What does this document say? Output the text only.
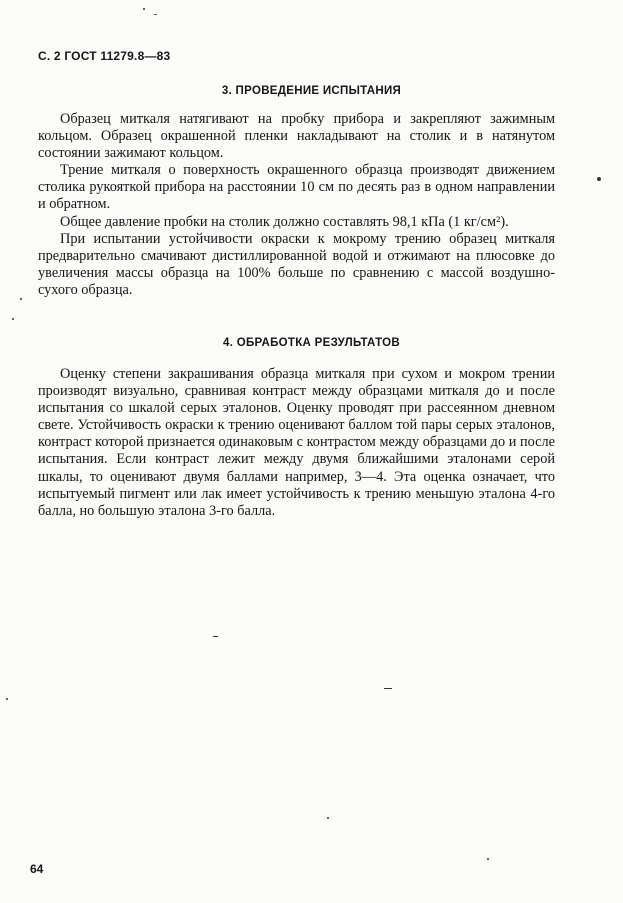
С. 2 ГОСТ 11279.8—83
3. ПРОВЕДЕНИЕ ИСПЫТАНИЯ

Образец миткаля натягивают на пробку прибора и закрепляют зажимным кольцом. Образец окрашенной пленки накладывают на столик и в натянутом состоянии зажимают кольцом.

Трение миткаля о поверхность окрашенного образца производят движением столика рукояткой прибора на расстоянии 10 см по десять раз в одном направлении и обратном.

Общее давление пробки на столик должно составлять 98,1 кПа (1 кг/см²).

При испытании устойчивости окраски к мокрому трению образец миткаля предварительно смачивают дистиллированной водой и отжимают на плюсовке до увеличения массы образца на 100% больше по сравнению с массой воздушно-сухого образца.

4. ОБРАБОТКА РЕЗУЛЬТАТОВ

Оценку степени закрашивания образца миткаля при сухом и мокром трении производят визуально, сравнивая контраст между образцами миткаля до и после испытания со шкалой серых эталонов. Оценку проводят при рассеянном дневном свете. Устойчивость окраски к трению оценивают баллом той пары серых эталонов, контраст которой признается одинаковым с контрастом между образцами до и после испытания. Если контраст лежит между двумя ближайшими эталонами серой шкалы, то оценивают двумя баллами например, 3—4. Эта оценка означает, что испытуемый пигмент или лак имеет устойчивость к трению меньшую эталона 4-го балла, но большую эталона 3-го балла.

64
